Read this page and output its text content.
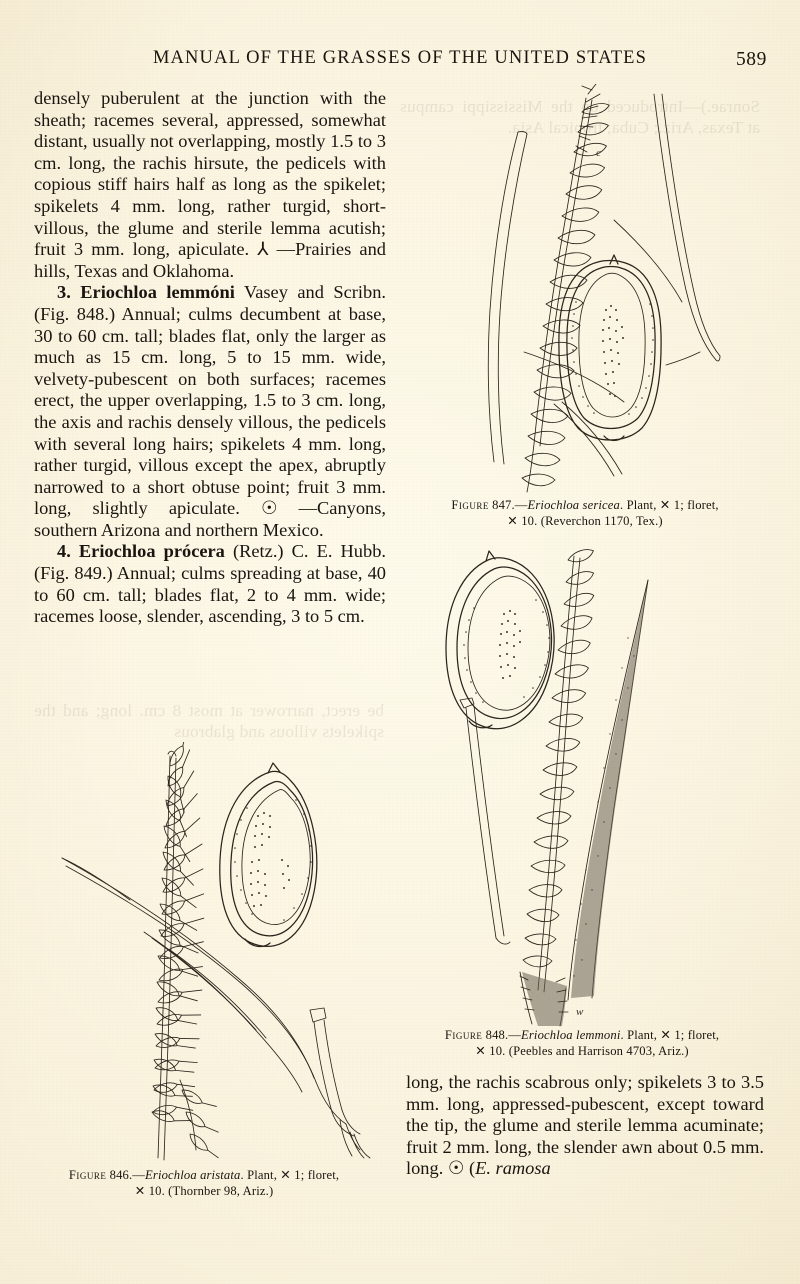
MANUAL OF THE GRASSES OF THE UNITED STATES	589

densely puberulent at the junction with the sheath; racemes several, appressed, somewhat distant, usually not overlapping, mostly 1.5 to 3 cm. long, the rachis hirsute, the pedicels with copious stiff hairs half as long as the spikelet; spikelets 4 mm. long, rather turgid, short-villous, the glume and sterile lemma acutish; fruit 3 mm. long, apiculate. ⅄ —Prairies and hills, Texas and Oklahoma.

3. Eriochloa lemmóni Vasey and Scribn. (Fig. 848.) Annual; culms decumbent at base, 30 to 60 cm. tall; blades flat, only the larger as much as 15 cm. long, 5 to 15 mm. wide, velvety-pubescent on both surfaces; racemes erect, the upper overlapping, 1.5 to 3 cm. long, the axis and rachis densely villous, the pedicels with several long hairs; spikelets 4 mm. long, rather turgid, villous except the apex, abruptly narrowed to a short obtuse point; fruit 3 mm. long, slightly apiculate. ☉ —Canyons, southern Arizona and northern Mexico.

4. Eriochloa prócera (Retz.) C. E. Hubb. (Fig. 849.) Annual; culms spreading at base, 40 to 60 cm. tall; blades flat, 2 to 4 mm. wide; racemes loose, slender, ascending, 3 to 5 cm.

c
Figure 847.—Eriochloa sericea. Plant, ✕ 1; floret,
✕ 10. (Reverchon 1170, Tex.)
w
Figure 848.—Eriochloa lemmoni. Plant, ✕ 1; floret,
✕ 10. (Peebles and Harrison 4703, Ariz.)
Figure 846.—Eriochloa aristata. Plant, ✕ 1; floret,
✕ 10. (Thornber 98, Ariz.)

long, the rachis scabrous only; spikelets 3 to 3.5 mm. long, appressed-pubescent, except toward the tip, the glume and sterile lemma acuminate; fruit 2 mm. long, the slender awn about 0.5 mm. long. ☉ (E. ramosa
